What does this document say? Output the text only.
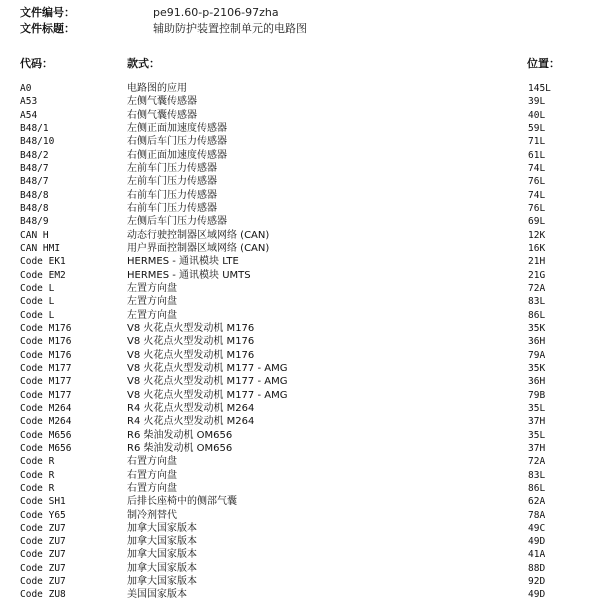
文件编号：	pe91.60-p-2106-97zha
文件标题：	辅助防护装置控制单元的电路图
代码：	款式：	位置：
A0	电路图的应用	145L
A53	左侧气囊传感器	39L
A54	右侧气囊传感器	40L
B48/1	左侧正面加速度传感器	59L
B48/10	右侧后车门压力传感器	71L
B48/2	右侧正面加速度传感器	61L
B48/7	左前车门压力传感器	74L
B48/7	左前车门压力传感器	76L
B48/8	右前车门压力传感器	74L
B48/8	右前车门压力传感器	76L
B48/9	左侧后车门压力传感器	69L
CAN H	动态行驶控制器区域网络 (CAN)	12K
CAN HMI	用户界面控制器区域网络 (CAN)	16K
Code EK1	HERMES - 通讯模块 LTE	21H
Code EM2	HERMES - 通讯模块 UMTS	21G
Code L	左置方向盘	72A
Code L	左置方向盘	83L
Code L	左置方向盘	86L
Code M176	V8 火花点火型发动机 M176	35K
Code M176	V8 火花点火型发动机 M176	36H
Code M176	V8 火花点火型发动机 M176	79A
Code M177	V8 火花点火型发动机 M177 - AMG	35K
Code M177	V8 火花点火型发动机 M177 - AMG	36H
Code M177	V8 火花点火型发动机 M177 - AMG	79B
Code M264	R4 火花点火型发动机 M264	35L
Code M264	R4 火花点火型发动机 M264	37H
Code M656	R6 柴油发动机 OM656	35L
Code M656	R6 柴油发动机 OM656	37H
Code R	右置方向盘	72A
Code R	右置方向盘	83L
Code R	右置方向盘	86L
Code SH1	后排长座椅中的侧部气囊	62A
Code Y65	制冷剂替代	78A
Code ZU7	加拿大国家版本	49C
Code ZU7	加拿大国家版本	49D
Code ZU7	加拿大国家版本	41A
Code ZU7	加拿大国家版本	88D
Code ZU7	加拿大国家版本	92D
Code ZU8	美国国家版本	49D
